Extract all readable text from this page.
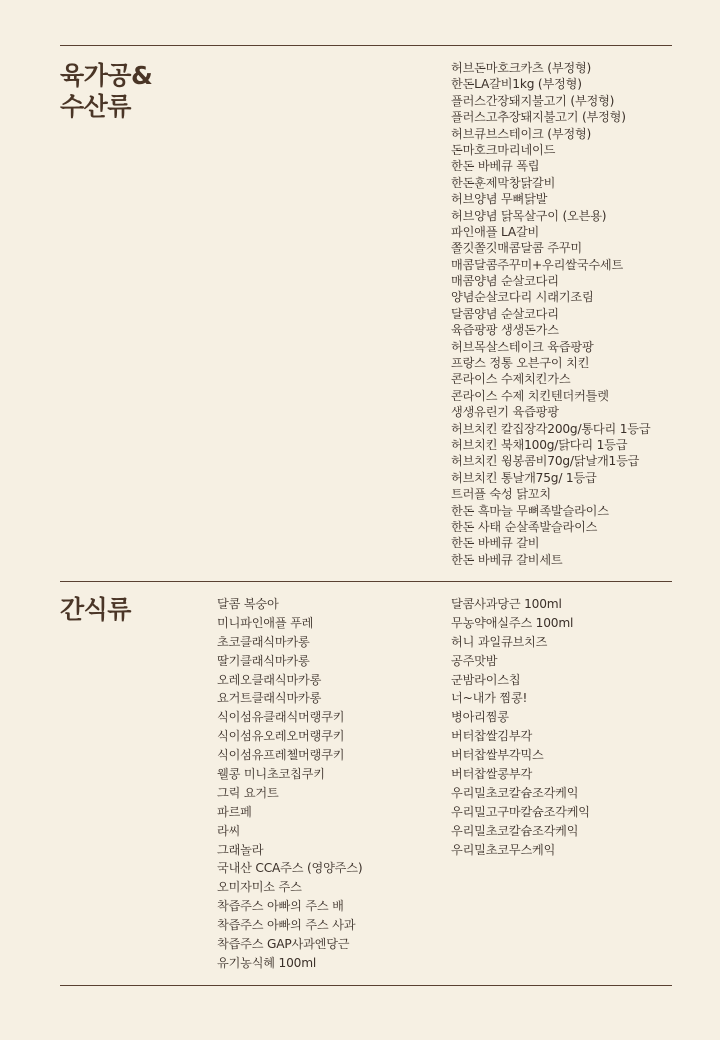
육가공&
수산류
허브돈마호크카츠 (부정형)
한돈LA갈비1kg (부정형)
플러스간장돼지불고기 (부정형)
플러스고추장돼지불고기 (부정형)
허브큐브스테이크 (부정형)
돈마호크마리네이드
한돈 바베큐 폭립
한돈훈제막창닭갈비
허브양념 무뼈닭발
허브양념 닭목살구이 (오븐용)
파인애플 LA갈비
쫄깃쫄깃매콤달콤 주꾸미
매콤달콤주꾸미+우리쌀국수세트
매콤양념 순살코다리
양념순살코다리 시래기조림
달콤양념 순살코다리
육즙팡팡 생생돈가스
허브목살스테이크 육즙팡팡
프랑스 정통 오븐구이 치킨
콘라이스 수제치킨가스
콘라이스 수제 치킨텐더커틀렛
생생유린기 육즙팡팡
허브치킨 칼집장각200g/통다리 1등급
허브치킨 북채100g/닭다리 1등급
허브치킨 윙봉콤비70g/닭날개1등급
허브치킨 통날개75g/ 1등급
트러플 숙성 닭꼬치
한돈 흑마늘 무뼈족발슬라이스
한돈 사태 순살족발슬라이스
한돈 바베큐 갈비
한돈 바베큐 갈비세트
간식류	달콤 복숭아
미니파인애플 푸레
초코클래식마카롱
딸기클래식마카롱
오레오클래식마카롱
요거트클래식마카롱
식이섬유클래식머랭쿠키
식이섬유오레오머랭쿠키
식이섬유프레첼머랭쿠키
웰콩 미니초코칩쿠키
그릭 요거트
파르페
라씨
그래놀라
국내산 CCA주스 (영양주스)
오미자미소 주스
착즙주스 아빠의 주스 배
착즙주스 아빠의 주스 사과
착즙주스 GAP사과엔당근
유기농식혜 100ml
달콤사과당근 100ml
무농약애실주스 100ml
허니 과일큐브치즈
공주맛밤
군밤라이스칩
너~내가 찜콩!
병아리찜콩
버터찹쌀김부각
버터찹쌀부각믹스
버터찹쌀콩부각
우리밀초코칼슘조각케익
우리밀고구마칼슘조각케익
우리밀초코칼슘조각케익
우리밀초코무스케익
